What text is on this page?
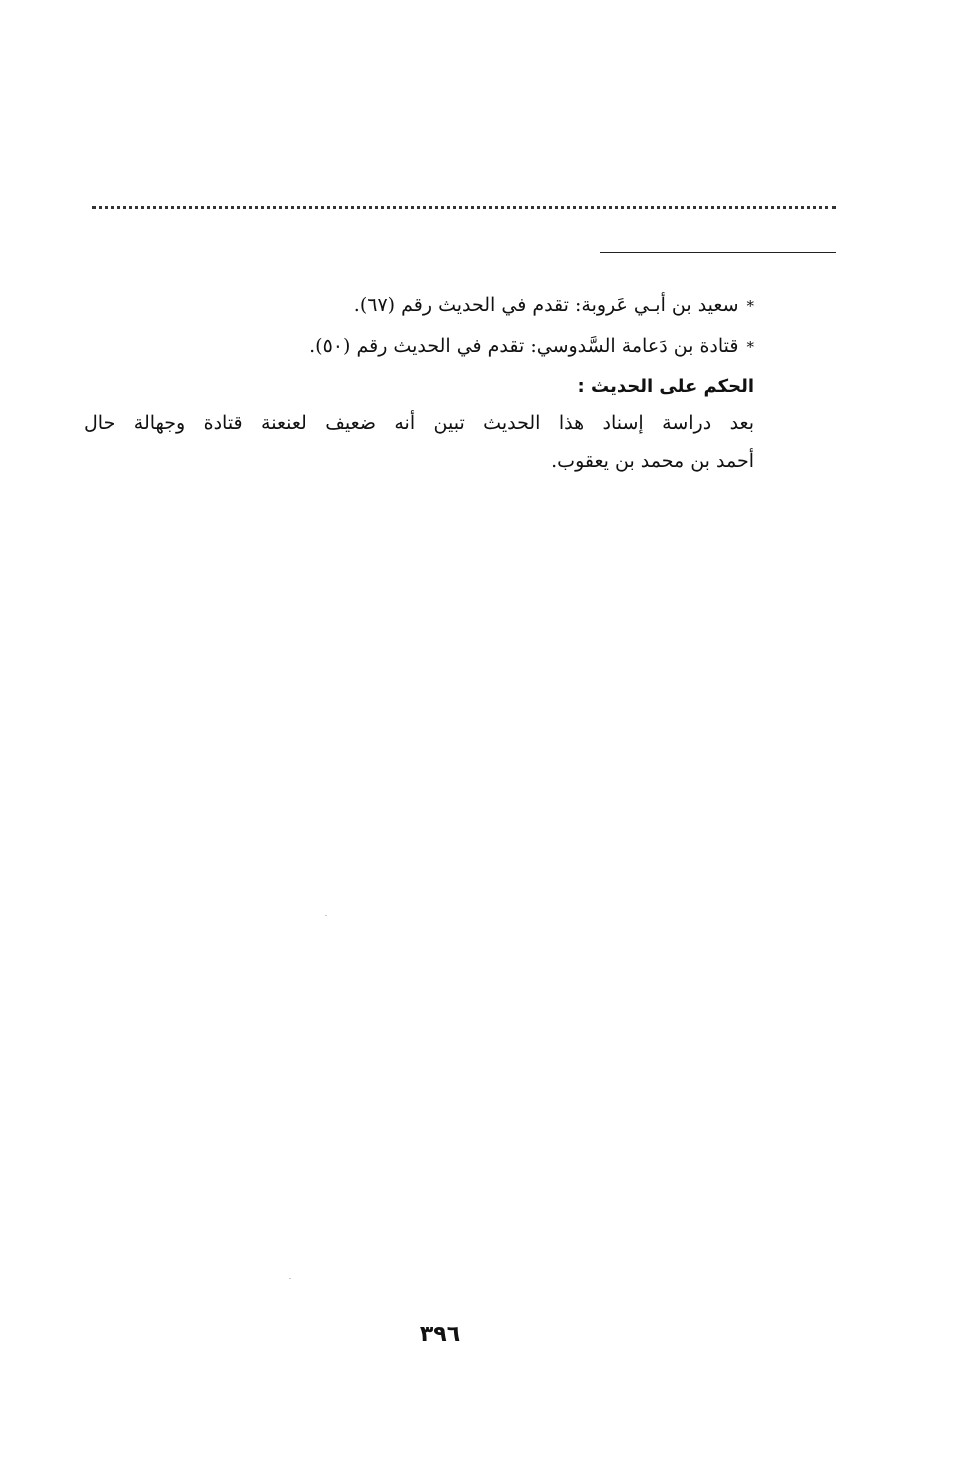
*سعيد بن أبـي عَروبة: تقدم في الحديث رقم (٦٧).
*قتادة بن دَعامة السَّدوسي: تقدم في الحديث رقم (٥٠).
الحكم على الحديث :
بعد دراسة إسناد هذا الحديث تبين أنه ضعيف لعنعنة قتادة وجهالة حال
أحمد بن محمد بن يعقوب.
٣٩٦
